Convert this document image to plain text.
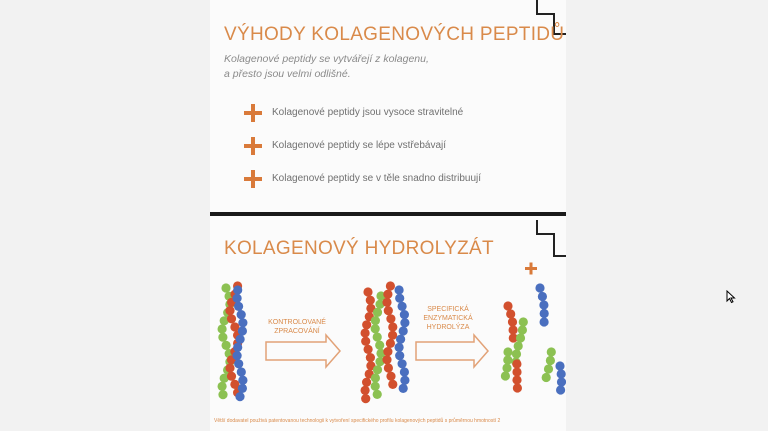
VÝHODY KOLAGENOVÝCH PEPTIDŮ

Kolagenové peptidy se vytvářejí z kolagenu,
a přesto jsou velmi odlišné.

Kolagenové peptidy jsou vysoce stravitelné
Kolagenové peptidy se lépe vstřebávají
Kolagenové peptidy se v těle snadno distribuují
KOLAGENOVÝ HYDROLYZÁT
KONTROLOVANÉ
ZPRACOVÁNÍ
SPECIFICKÁ
ENZYMATICKÁ
HYDROLÝZA

Větší dodavatel použivá patentovanou technologii k vytvoření specifického profilu kolagenových peptidů s průměrnou hmotností 2
